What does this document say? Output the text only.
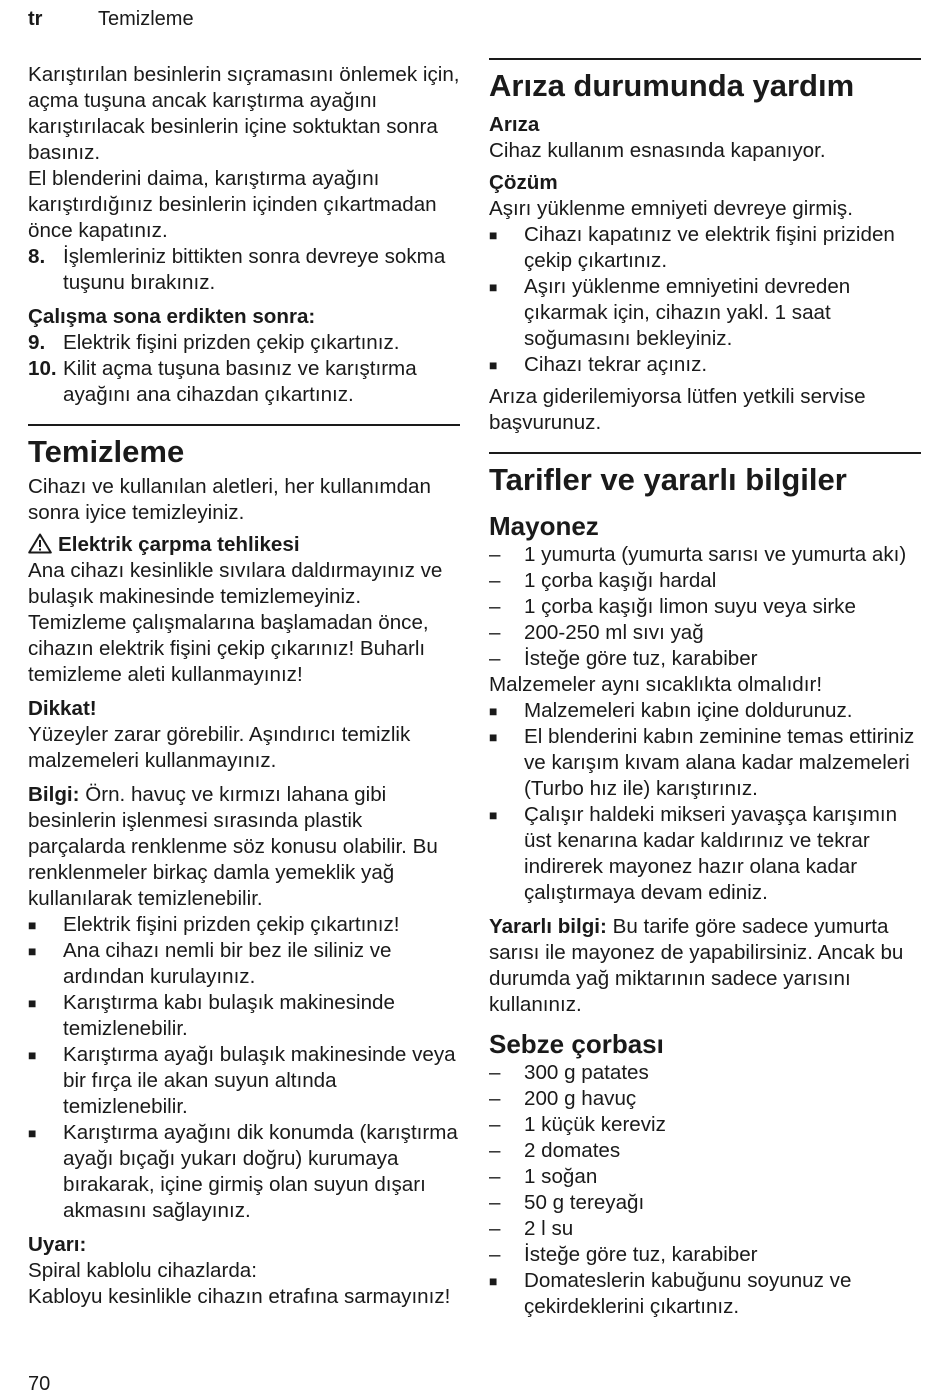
tr	Temizleme

Karıştırılan besinlerin sıçramasını önlemek için, açma tuşuna ancak karıştırma ayağını karıştırılacak besinlerin içine soktuktan sonra basınız.

El blenderini daima, karıştırma ayağını karıştırdığınız besinlerin içinden çıkartmadan önce kapatınız.

8. İşlemleriniz bittikten sonra devreye sokma tuşunu bırakınız.

Çalışma sona erdikten sonra:

9. Elektrik fişini prizden çekip çıkartınız.
10. Kilit açma tuşuna basınız ve karıştırma ayağını ana cihazdan çıkartınız.
Temizleme

Cihazı ve kullanılan aletleri, her kullanımdan sonra iyice temizleyiniz.

Elektrik çarpma tehlikesi

Ana cihazı kesinlikle sıvılara daldırmayınız ve bulaşık makinesinde temizlemeyiniz. Temizleme çalışmalarına başlamadan önce, cihazın elektrik fişini çekip çıkarınız! Buharlı temizleme aleti kullanmayınız!

Dikkat!

Yüzeyler zarar görebilir. Aşındırıcı temizlik malzemeleri kullanmayınız.

Bilgi: Örn. havuç ve kırmızı lahana gibi besinlerin işlenmesi sırasında plastik parçalarda renklenme söz konusu olabilir. Bu renklenmeler birkaç damla yemeklik yağ kullanılarak temizlenebilir.

■	Elektrik fişini prizden çekip çıkartınız!
■	Ana cihazı nemli bir bez ile siliniz ve ardından kurulayınız.
■	Karıştırma kabı bulaşık makinesinde temizlenebilir.
■	Karıştırma ayağı bulaşık makinesinde veya bir fırça ile akan suyun altında temizlenebilir.
■	Karıştırma ayağını dik konumda (karıştırma ayağı bıçağı yukarı doğru) kurumaya bırakarak, içine girmiş olan suyun dışarı akmasını sağlayınız.

Uyarı:

Spiral kablolu cihazlarda:

Kabloyu kesinlikle cihazın etrafına sarmayınız!

Arıza durumunda yardım

Arıza

Cihaz kullanım esnasında kapanıyor.

Çözüm

Aşırı yüklenme emniyeti devreye girmiş.

■	Cihazı kapatınız ve elektrik fişini priziden çekip çıkartınız.
■	Aşırı yüklenme emniyetini devreden çıkarmak için, cihazın yakl. 1 saat soğumasını bekleyiniz.
■	Cihazı tekrar açınız.

Arıza giderilemiyorsa lütfen yetkili servise başvurunuz.

Tarifler ve yararlı bilgiler

Mayonez

–	1 yumurta (yumurta sarısı ve yumurta akı)
–	1 çorba kaşığı hardal
–	1 çorba kaşığı limon suyu veya sirke
–	200-250 ml sıvı yağ
–	İsteğe göre tuz, karabiber

Malzemeler aynı sıcaklıkta olmalıdır!

■	Malzemeleri kabın içine doldurunuz.
■	El blenderini kabın zeminine temas ettiriniz ve karışım kıvam alana kadar malzemeleri (Turbo hız ile) karıştırınız.
■	Çalışır haldeki mikseri yavaşça karışımın üst kenarına kadar kaldırınız ve tekrar indirerek mayonez hazır olana kadar çalıştırmaya devam ediniz.

Yararlı bilgi: Bu tarife göre sadece yumurta sarısı ile mayonez de yapabilirsiniz. Ancak bu durumda yağ miktarının sadece yarısını kullanınız.

Sebze çorbası

–	300 g patates
–	200 g havuç
–	1 küçük kereviz
–	2 domates
–	1 soğan
–	50 g tereyağı
–	2 l su
–	İsteğe göre tuz, karabiber
■	Domateslerin kabuğunu soyunuz ve çekirdeklerini çıkartınız.
70
